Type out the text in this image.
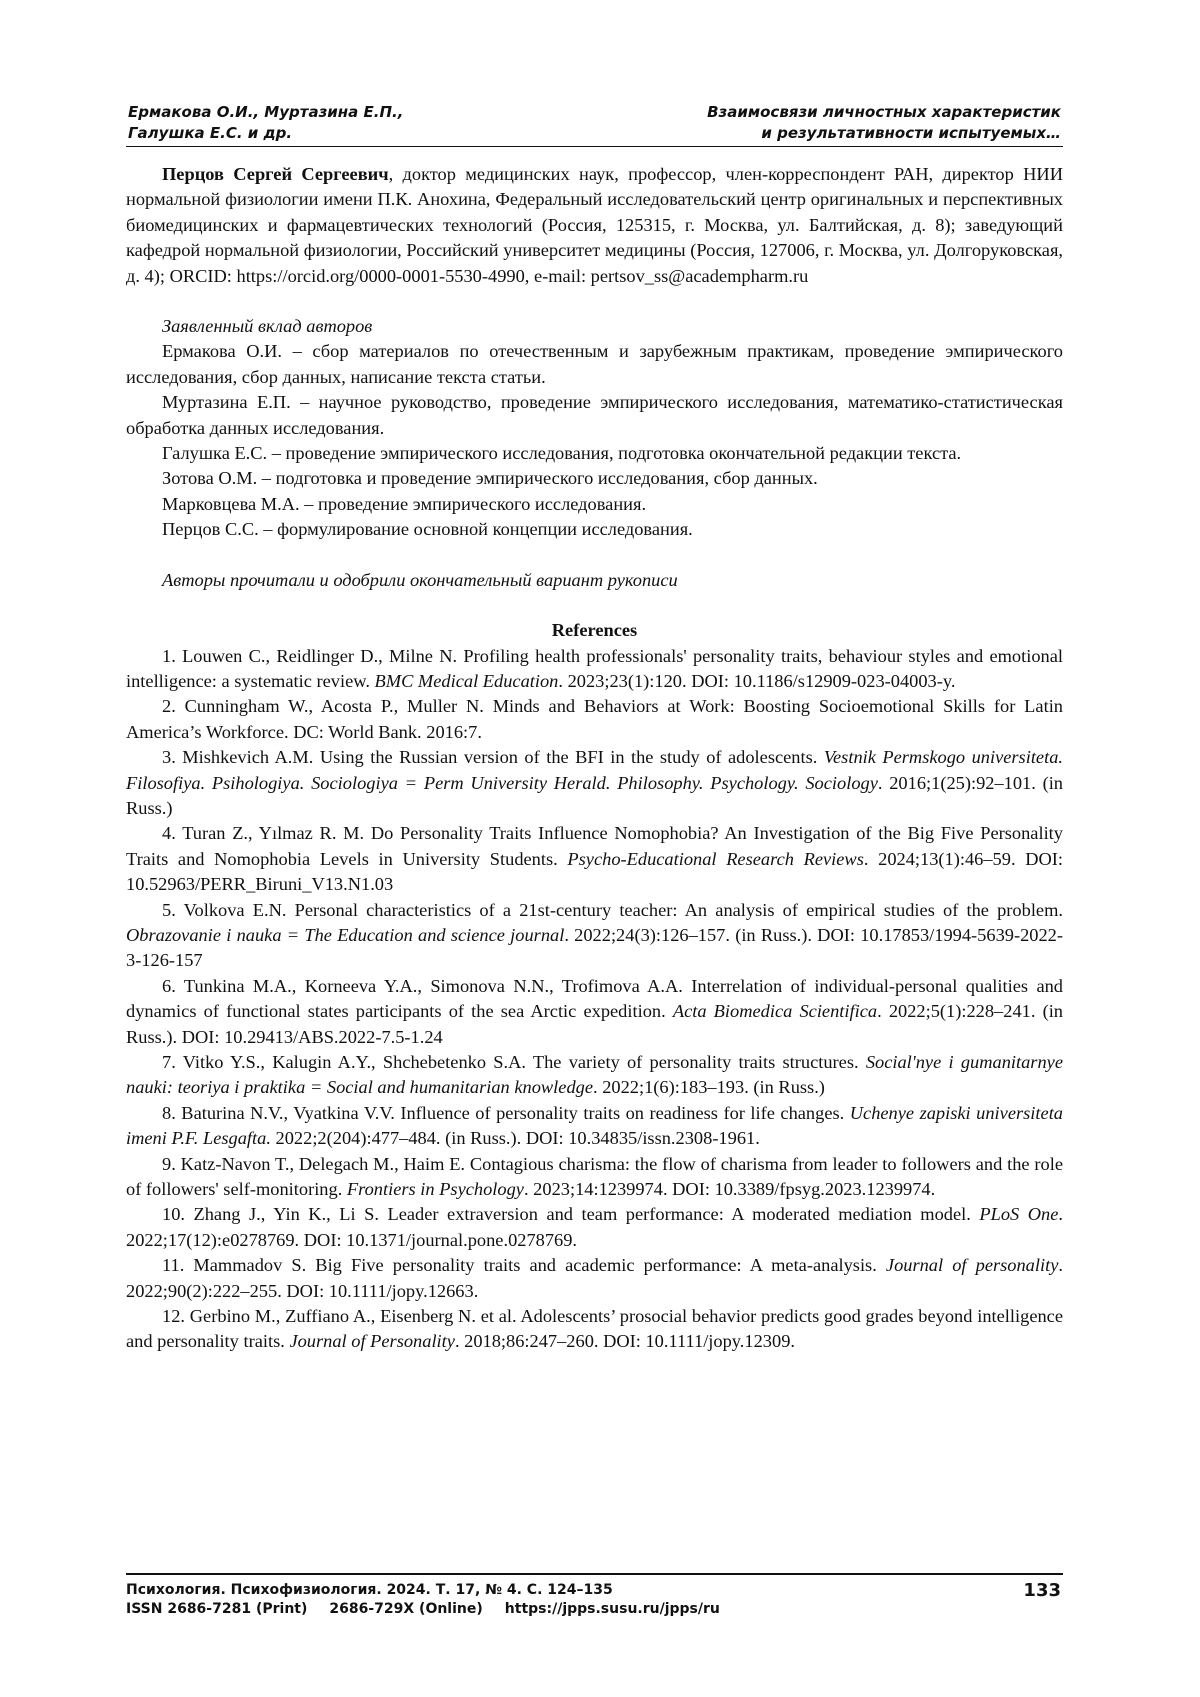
Ермакова О.И., Муртазина Е.П.,
Галушка Е.С. и др.
Взаимосвязи личностных характеристик
и результативности испытуемых…

Перцов Сергей Сергеевич, доктор медицинских наук, профессор, член-корреспондент РАН, директор НИИ нормальной физиологии имени П.К. Анохина, Федеральный исследовательский центр оригинальных и перспективных биомедицинских и фармацевтических технологий (Россия, 125315, г. Москва, ул. Балтийская, д. 8); заведующий кафедрой нормальной физиологии, Российский университет медицины (Россия, 127006, г. Москва, ул. Долгоруковская, д. 4); ORCID: https://orcid.org/0000-0001-5530-4990, e-mail: pertsov_ss@academpharm.ru

Заявленный вклад авторов

Ермакова О.И. – сбор материалов по отечественным и зарубежным практикам, проведение эмпирического исследования, сбор данных, написание текста статьи.

Муртазина Е.П. – научное руководство, проведение эмпирического исследования, математико-статистическая обработка данных исследования.

Галушка Е.С. – проведение эмпирического исследования, подготовка окончательной редакции текста.

Зотова О.М. – подготовка и проведение эмпирического исследования, сбор данных.

Марковцева М.А. – проведение эмпирического исследования.

Перцов С.С. – формулирование основной концепции исследования.

Авторы прочитали и одобрили окончательный вариант рукописи

References

1. Louwen C., Reidlinger D., Milne N. Profiling health professionals' personality traits, behaviour styles and emotional intelligence: a systematic review. BMC Medical Education. 2023;23(1):120. DOI: 10.1186/s12909-023-04003-y.

2. Cunningham W., Acosta P., Muller N. Minds and Behaviors at Work: Boosting Socioemotional Skills for Latin America’s Workforce. DC: World Bank. 2016:7.

3. Mishkevich A.M. Using the Russian version of the BFI in the study of adolescents. Vestnik Permskogo universiteta. Filosofiya. Psihologiya. Sociologiya = Perm University Herald. Philosophy. Psychology. Sociology. 2016;1(25):92–101. (in Russ.)

4. Turan Z., Yılmaz R. M. Do Personality Traits Influence Nomophobia? An Investigation of the Big Five Personality Traits and Nomophobia Levels in University Students. Psycho-Educational Research Reviews. 2024;13(1):46–59. DOI: 10.52963/PERR_Biruni_V13.N1.03

5. Volkova E.N. Personal characteristics of a 21st-century teacher: An analysis of empirical studies of the problem. Obrazovanie i nauka = The Education and science journal. 2022;24(3):126–157. (in Russ.). DOI: 10.17853/1994-5639-2022-3-126-157

6. Tunkina M.A., Korneeva Y.A., Simonova N.N., Trofimova A.A. Interrelation of individual-personal qualities and dynamics of functional states participants of the sea Arctic expedition. Acta Biomedica Scientifica. 2022;5(1):228–241. (in Russ.). DOI: 10.29413/ABS.2022-7.5-1.24

7. Vitko Y.S., Kalugin A.Y., Shchebetenko S.A. The variety of personality traits structures. Social'nye i gumanitarnye nauki: teoriya i praktika = Social and humanitarian knowledge. 2022;1(6):183–193. (in Russ.)

8. Baturina N.V., Vyatkina V.V. Influence of personality traits on readiness for life changes. Uchenye zapiski universiteta imeni P.F. Lesgafta. 2022;2(204):477–484. (in Russ.). DOI: 10.34835/issn.2308-1961.

9. Katz-Navon T., Delegach M., Haim E. Contagious charisma: the flow of charisma from leader to followers and the role of followers' self-monitoring. Frontiers in Psychology. 2023;14:1239974. DOI: 10.3389/fpsyg.2023.1239974.

10. Zhang J., Yin K., Li S. Leader extraversion and team performance: A moderated mediation model. PLoS One. 2022;17(12):e0278769. DOI: 10.1371/journal.pone.0278769.

11. Mammadov S. Big Five personality traits and academic performance: A meta-analysis. Journal of personality. 2022;90(2):222–255. DOI: 10.1111/jopy.12663.

12. Gerbino M., Zuffiano A., Eisenberg N. et al. Adolescents’ prosocial behavior predicts good grades beyond intelligence and personality traits. Journal of Personality. 2018;86:247–260. DOI: 10.1111/jopy.12309.

Психология. Психофизиология. 2024. Т. 17, № 4. С. 124–135
ISSN 2686-7281 (Print) 2686-729X (Online) https://jpps.susu.ru/jpps/ru
133
